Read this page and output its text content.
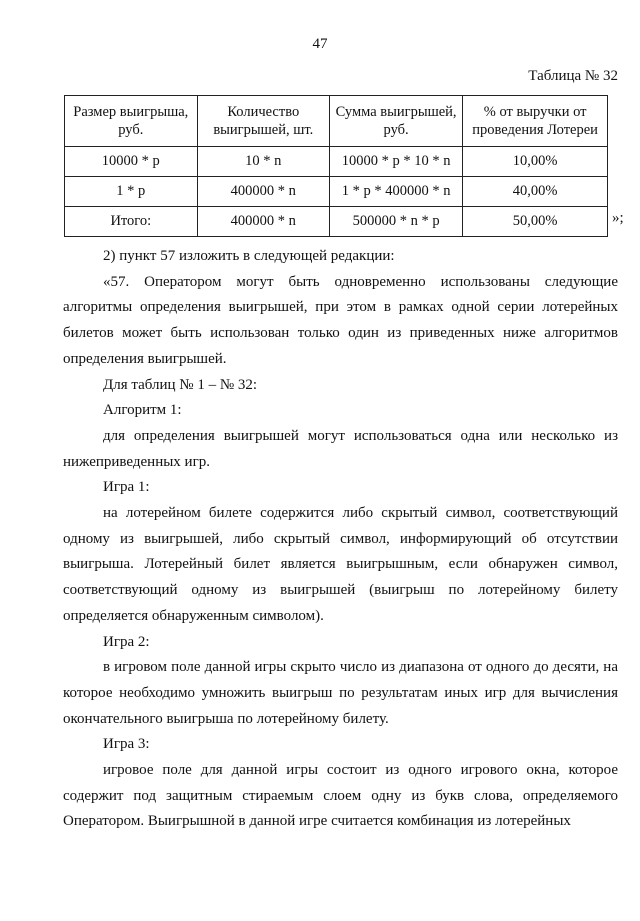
47
Таблица № 32
Размер выигрыша, руб.	Количество выигрышей, шт.	Сумма выигрышей, руб.	% от выручки от проведения Лотереи
10000 * p	10 * n	10000 * p * 10 * n	10,00%
1 * p	400000 * n	1 * p * 400000 * n	40,00%
Итого:	400000 * n	500000 * n * p	50,00%	»;

2) пункт 57 изложить в следующей редакции:

«57. Оператором могут быть одновременно использованы следующие алгоритмы определения выигрышей, при этом в рамках одной серии лотерейных билетов может быть использован только один из приведенных ниже алгоритмов определения выигрышей.

Для таблиц № 1 – № 32:

Алгоритм 1:

для определения выигрышей могут использоваться одна или несколько из нижеприведенных игр.

Игра 1:

на лотерейном билете содержится либо скрытый символ, соответствующий одному из выигрышей, либо скрытый символ, информирующий об отсутствии выигрыша. Лотерейный билет является выигрышным, если обнаружен символ, соответствующий одному из выигрышей (выигрыш по лотерейному билету определяется обнаруженным символом).

Игра 2:

в игровом поле данной игры скрыто число из диапазона от одного до десяти, на которое необходимо умножить выигрыш по результатам иных игр для вычисления окончательного выигрыша по лотерейному билету.

Игра 3:

игровое поле для данной игры состоит из одного игрового окна, которое содержит под защитным стираемым слоем одну из букв слова, определяемого Оператором. Выигрышной в данной игре считается комбинация из лотерейных
